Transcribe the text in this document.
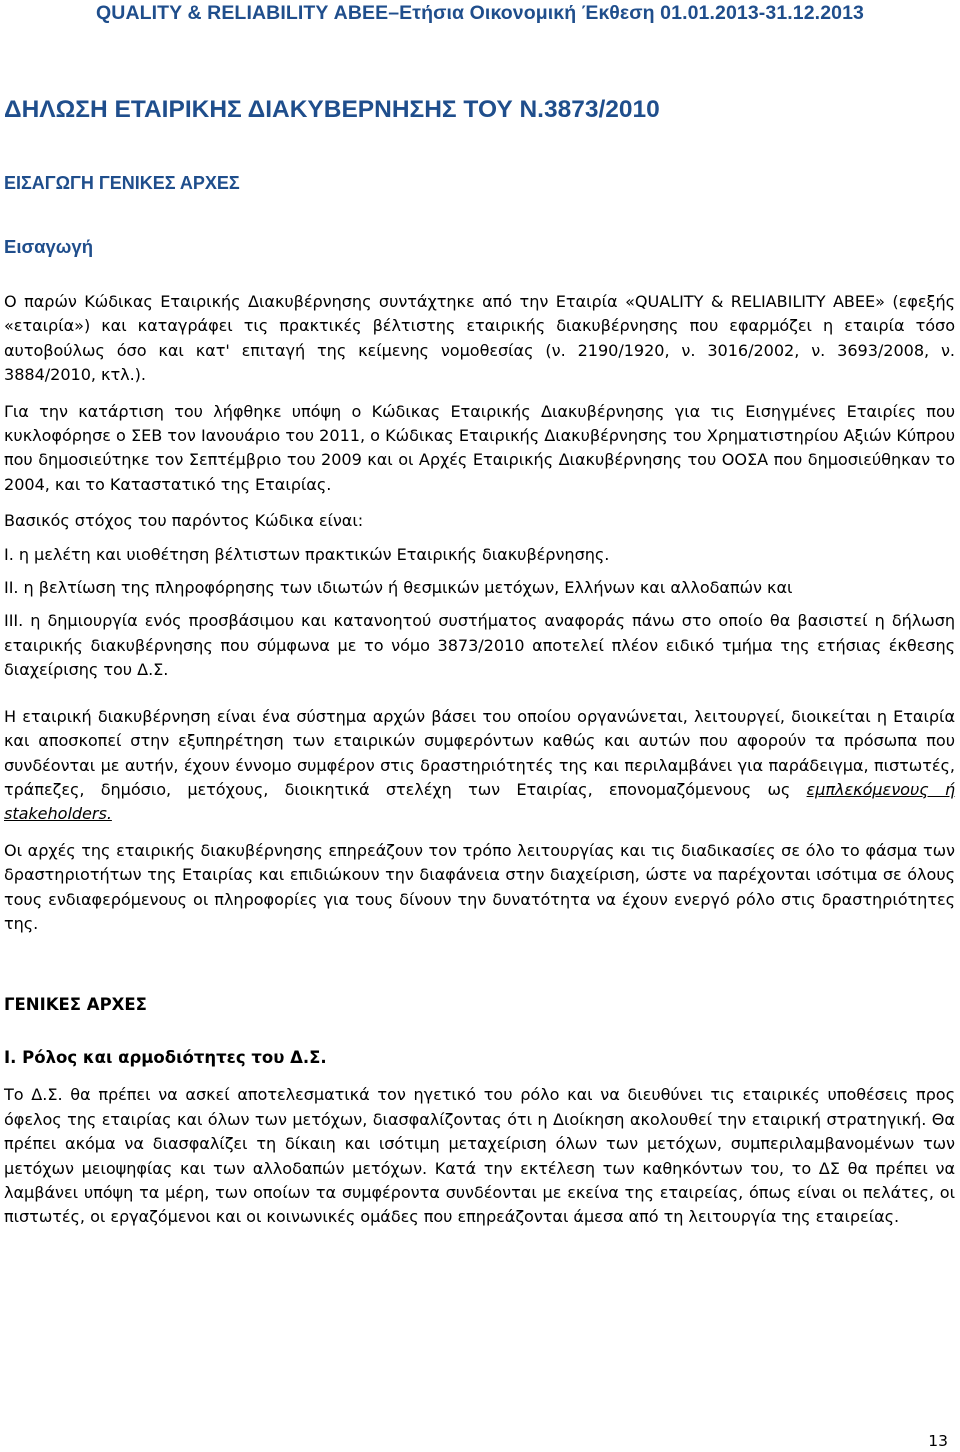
QUALITY & RELIABILITY ΑΒΕΕ–Ετήσια Οικονομική Έκθεση 01.01.2013-31.12.2013
ΔΗΛΩΣΗ ΕΤΑΙΡΙΚΗΣ ΔΙΑΚΥΒΕΡΝΗΣΗΣ ΤΟΥ Ν.3873/2010
ΕΙΣΑΓΩΓΗ ΓΕΝΙΚΕΣ ΑΡΧΕΣ
Εισαγωγή

Ο παρών Κώδικας Εταιρικής Διακυβέρνησης συντάχτηκε από την Εταιρία «QUALITY & RELIABILITY ΑΒΕΕ» (εφεξής «εταιρία») και καταγράφει τις πρακτικές βέλτιστης εταιρικής διακυβέρνησης που εφαρμόζει η εταιρία τόσο αυτοβούλως όσο και κατ' επιταγή της κείμενης νομοθεσίας (ν. 2190/1920, ν. 3016/2002, ν. 3693/2008, ν. 3884/2010, κτλ.).

Για την κατάρτιση του λήφθηκε υπόψη ο Κώδικας Εταιρικής Διακυβέρνησης για τις Εισηγμένες Εταιρίες που κυκλοφόρησε ο ΣΕΒ τον Ιανουάριο του 2011, ο Κώδικας Εταιρικής Διακυβέρνησης του Χρηματιστηρίου Αξιών Κύπρου που δημοσιεύτηκε τον Σεπτέμβριο του 2009 και οι Αρχές Εταιρικής Διακυβέρνησης του ΟΟΣΑ που δημοσιεύθηκαν το 2004, και το Καταστατικό της Εταιρίας.

Βασικός στόχος του παρόντος Κώδικα είναι:

I. η μελέτη και υιοθέτηση βέλτιστων πρακτικών Εταιρικής διακυβέρνησης.

II. η βελτίωση της πληροφόρησης των ιδιωτών ή θεσμικών μετόχων, Ελλήνων και αλλοδαπών και

III. η δημιουργία ενός προσβάσιμου και κατανοητού συστήματος αναφοράς πάνω στο οποίο θα βασιστεί η δήλωση εταιρικής διακυβέρνησης που σύμφωνα με το νόμο 3873/2010 αποτελεί πλέον ειδικό τμήμα της ετήσιας έκθεσης διαχείρισης του Δ.Σ.

Η εταιρική διακυβέρνηση είναι ένα σύστημα αρχών βάσει του οποίου οργανώνεται, λειτουργεί, διοικείται η Εταιρία και αποσκοπεί στην εξυπηρέτηση των εταιρικών συμφερόντων καθώς και αυτών που αφορούν τα πρόσωπα που συνδέονται με αυτήν, έχουν έννομο συμφέρον στις δραστηριότητές της και περιλαμβάνει για παράδειγμα, πιστωτές, τράπεζες, δημόσιο, μετόχους, διοικητικά στελέχη των Εταιρίας, επονομαζόμενους ως εμπλεκόμενους ή stakeholders.

Οι αρχές της εταιρικής διακυβέρνησης επηρεάζουν τον τρόπο λειτουργίας και τις διαδικασίες σε όλο το φάσμα των δραστηριοτήτων της Εταιρίας και επιδιώκουν την διαφάνεια στην διαχείριση, ώστε να παρέχονται ισότιμα σε όλους τους ενδιαφερόμενους οι πληροφορίες για τους δίνουν την δυνατότητα να έχουν ενεργό ρόλο στις δραστηριότητες της.

ΓΕΝΙΚΕΣ ΑΡΧΕΣ
Ι. Ρόλος και αρμοδιότητες του Δ.Σ.

Το Δ.Σ. θα πρέπει να ασκεί αποτελεσματικά τον ηγετικό του ρόλο και να διευθύνει τις εταιρικές υποθέσεις προς όφελος της εταιρίας και όλων των μετόχων, διασφαλίζοντας ότι η Διοίκηση ακολουθεί την εταιρική στρατηγική. Θα πρέπει ακόμα να διασφαλίζει τη δίκαιη και ισότιμη μεταχείριση όλων των μετόχων, συμπεριλαμβανομένων των μετόχων μειοψηφίας και των αλλοδαπών μετόχων. Κατά την εκτέλεση των καθηκόντων του, το ΔΣ θα πρέπει να λαμβάνει υπόψη τα μέρη, των οποίων τα συμφέροντα συνδέονται με εκείνα της εταιρείας, όπως είναι οι πελάτες, οι πιστωτές, οι εργαζόμενοι και οι κοινωνικές ομάδες που επηρεάζονται άμεσα από τη λειτουργία της εταιρείας.

13
